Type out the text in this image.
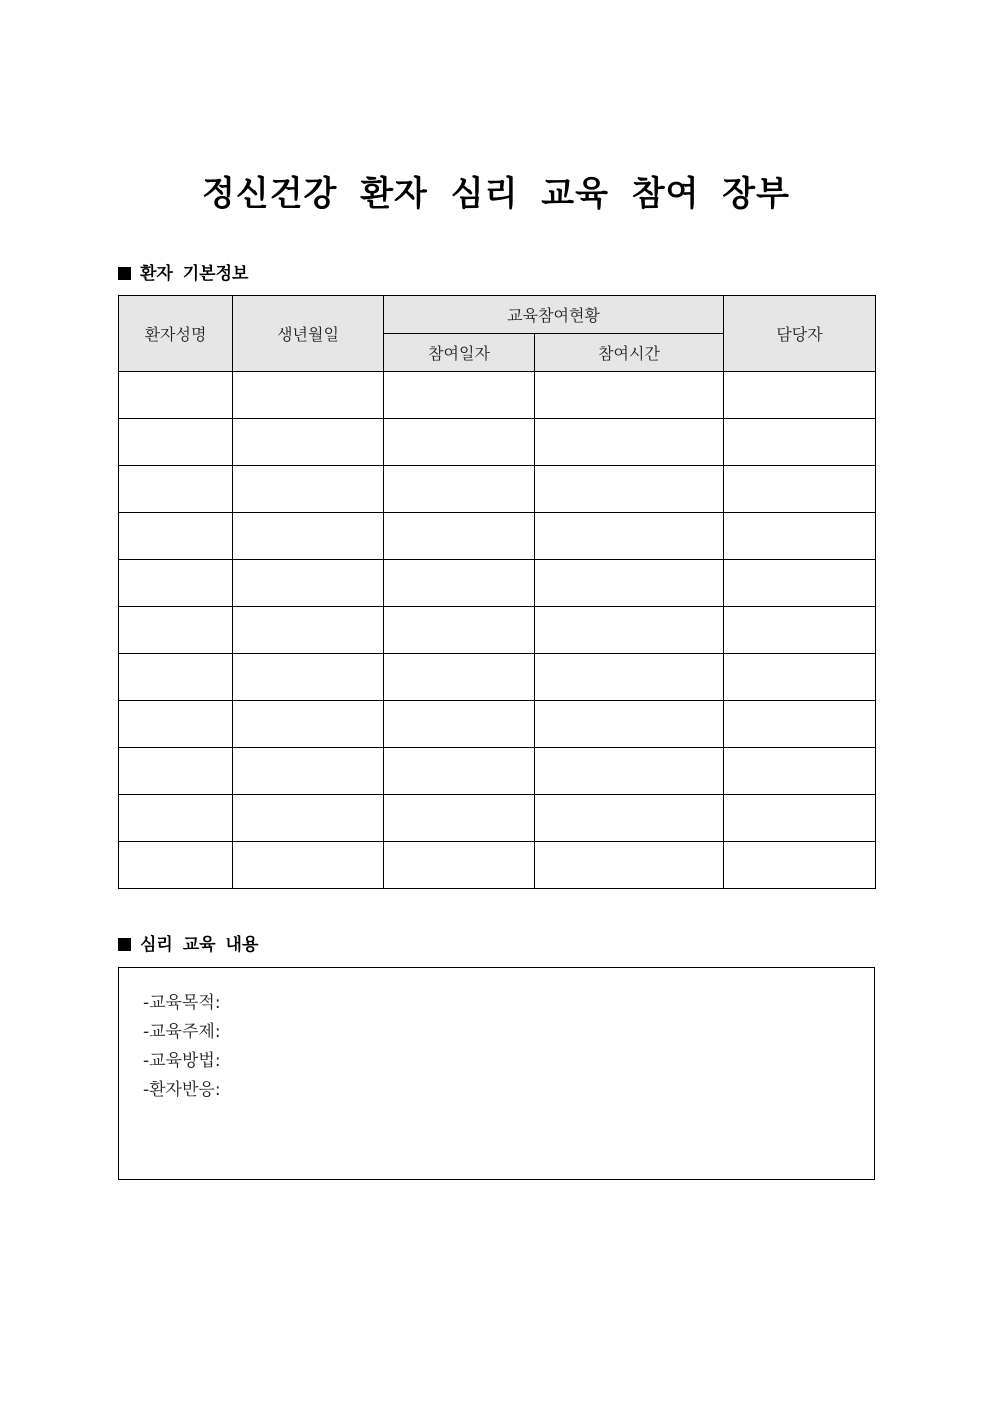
정신건강 환자 심리 교육 참여 장부
환자 기본정보
환자성명	생년월일	교육참여현황		담당자
		참여일자	참여시간	

심리 교육 내용
-교육목적:
-교육주제:
-교육방법:
-환자반응:
